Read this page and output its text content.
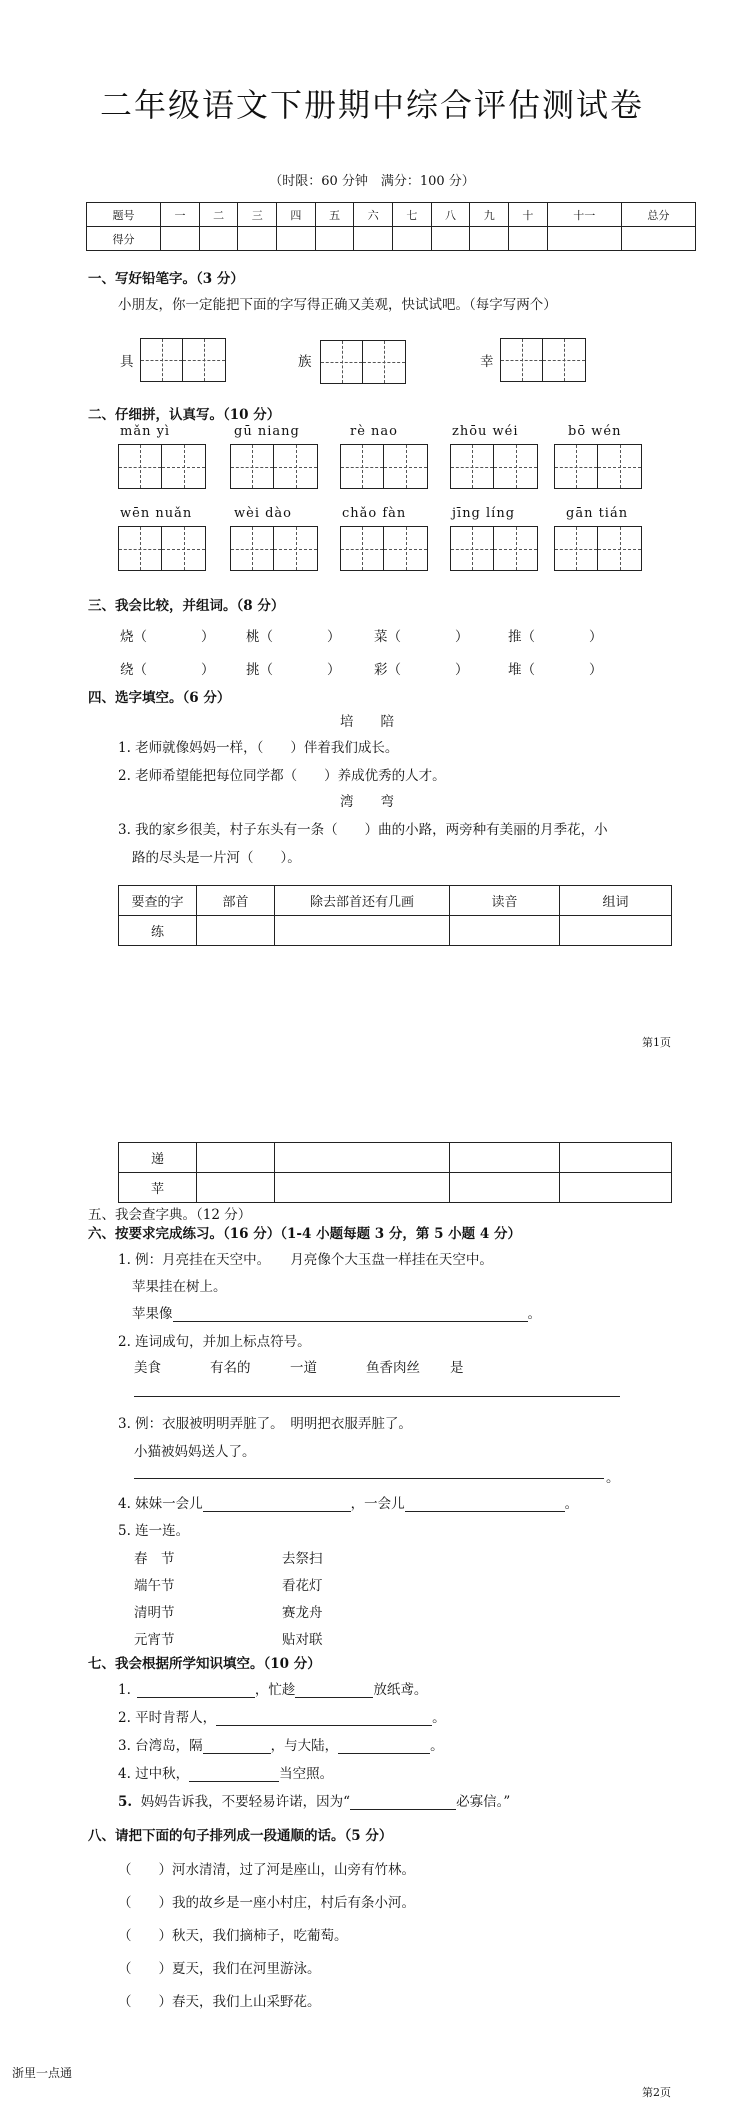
二年级语文下册期中综合评估测试卷
（时限：60 分钟　满分：100 分）
题号	一	二	三	四	五	六	七	八	九	十	十一	总分
得分												
一、写好铅笔字。（3 分）
小朋友，你一定能把下面的字写得正确又美观，快试试吧。（每字写两个）
具	族	幸
二、仔细拼，认真写。（10 分）
mǎn yì	gū niang	rè nao	zhōu wéi	bō wén
wēn nuǎn	wèi dào	chǎo fàn	jīng líng	gān tián
三、我会比较，并组词。（8 分）
烧（　　　　） 桃（　　　　） 菜（　　　　）	推（　　　　）
绕（　　　　） 挑（　　　　） 彩（　　　　）	堆（　　　　）
四、选字填空。（6 分）
培　　陪
1. 老师就像妈妈一样，（　　）伴着我们成长。
2. 老师希望能把每位同学都（　　）养成优秀的人才。
湾　　弯
3. 我的家乡很美，村子东头有一条（　　）曲的小路，两旁种有美丽的月季花，小
路的尽头是一片河（　　）。
要查的字	部首	除去部首还有几画	读音	组词
练				
第1页
递				
苹				
五、我会查字典。（12 分）
六、按要求完成练习。（16 分）（1-4 小题每题 3 分，第 5 小题 4 分）
1. 例：月亮挂在天空中。　　月亮像个大玉盘一样挂在天空中。
苹果挂在树上。
苹果像	。
2. 连词成句，并加上标点符号。
美食	有名的	一道	鱼香肉丝 是
3. 例：衣服被明明弄脏了。　明明把衣服弄脏了。
小猫被妈妈送人了。
。
4. 妹妹一会儿	，一会儿	。
5. 连一连。
春　节
端午节
清明节
元宵节
去祭扫
看花灯
赛龙舟
贴对联
七、我会根据所学知识填空。（10 分）
1.	，忙趁	放纸鸢。
2. 平时肯帮人，	。
3. 台湾岛，隔	，与大陆，	。
4. 过中秋，	当空照。
5. 妈妈告诉我，不要轻易许诺，因为“	必寡信。”
八、请把下面的句子排列成一段通顺的话。（5 分）
（　　）河水清清，过了河是座山，山旁有竹林。
（　　）我的故乡是一座小村庄，村后有条小河。
（　　）秋天，我们摘柿子，吃葡萄。
（　　）夏天，我们在河里游泳。
（　　）春天，我们上山采野花。
浙里一点通
第2页
